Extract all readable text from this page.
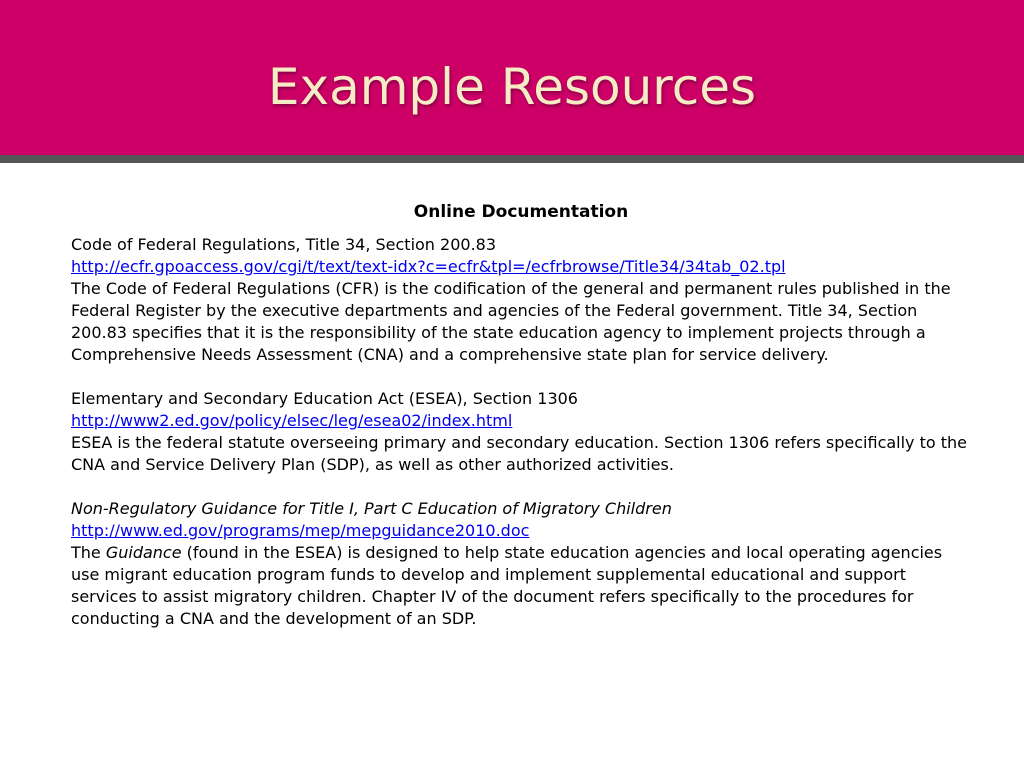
Example Resources
Online Documentation

Code of Federal Regulations, Title 34, Section 200.83

http://ecfr.gpoaccess.gov/cgi/t/text/text-idx?c=ecfr&tpl=/ecfrbrowse/Title34/34tab_02.tpl

The Code of Federal Regulations (CFR) is the codification of the general and permanent rules published in the Federal Register by the executive departments and agencies of the Federal government. Title 34, Section 200.83 specifies that it is the responsibility of the state education agency to implement projects through a Comprehensive Needs Assessment (CNA) and a comprehensive state plan for service delivery.

Elementary and Secondary Education Act (ESEA), Section 1306

http://www2.ed.gov/policy/elsec/leg/esea02/index.html

ESEA is the federal statute overseeing primary and secondary education. Section 1306 refers specifically to the CNA and Service Delivery Plan (SDP), as well as other authorized activities.

Non-Regulatory Guidance for Title I, Part C Education of Migratory Children

http://www.ed.gov/programs/mep/mepguidance2010.doc

The Guidance (found in the ESEA) is designed to help state education agencies and local operating agencies use migrant education program funds to develop and implement supplemental educational and support services to assist migratory children. Chapter IV of the document refers specifically to the procedures for conducting a CNA and the development of an SDP.
